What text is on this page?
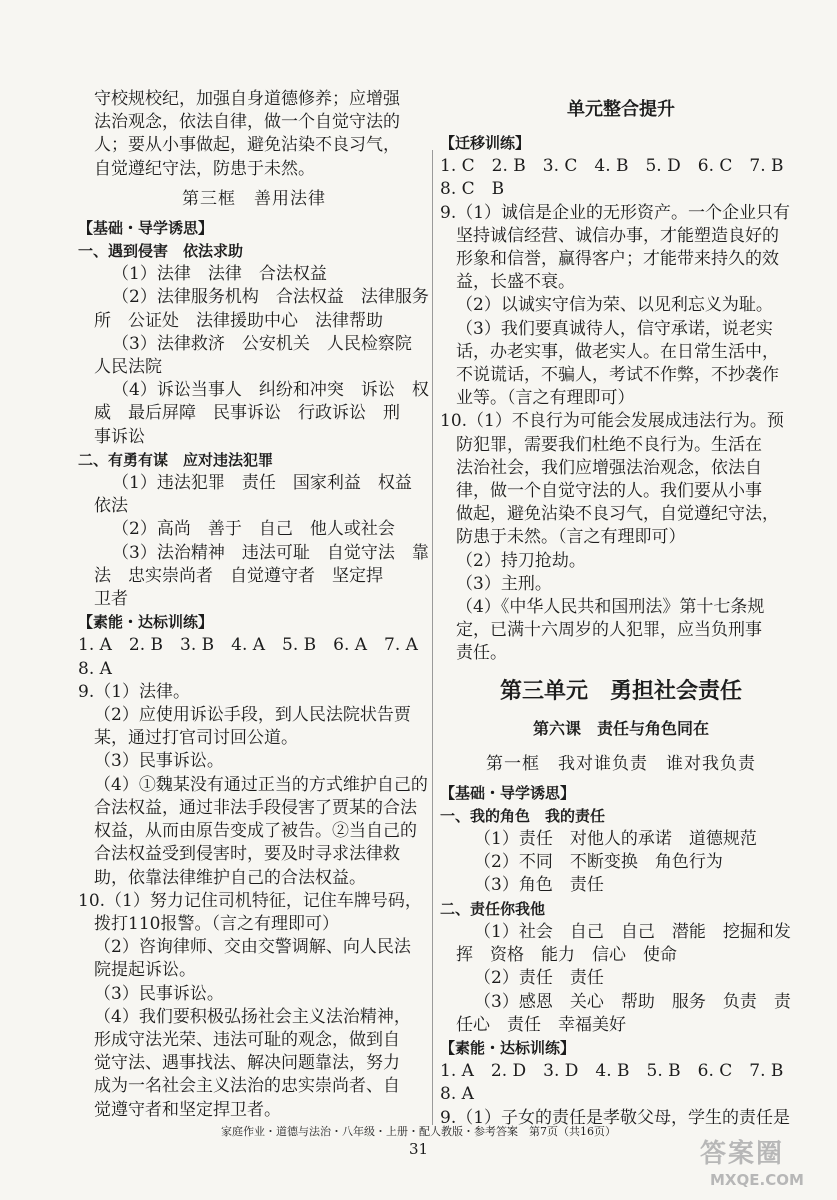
守校规校纪，加强自身道德修养；应增强
法治观念，依法自律，做一个自觉守法的
人；要从小事做起，避免沾染不良习气，
自觉遵纪守法，防患于未然。
第三框　善用法律
【基础・导学诱思】
一、遇到侵害　依法求助
（1）法律　法律　合法权益
（2）法律服务机构　合法权益　法律服务
所　公证处　法律援助中心　法律帮助
（3）法律救济　公安机关　人民检察院
人民法院
（4）诉讼当事人　纠纷和冲突　诉讼　权
威　最后屏障　民事诉讼　行政诉讼　刑
事诉讼
二、有勇有谋　应对违法犯罪
（1）违法犯罪　责任　国家利益　权益
依法
（2）高尚　善于　自己　他人或社会
（3）法治精神　违法可耻　自觉守法　靠
法　忠实崇尚者　自觉遵守者　坚定捍
卫者
【素能・达标训练】
1. A　2. B　3. B　4. A　5. B　6. A　7. A
8. A
9.（1）法律。
（2）应使用诉讼手段，到人民法院状告贾
某，通过打官司讨回公道。
（3）民事诉讼。
（4）①魏某没有通过正当的方式维护自己的
合法权益，通过非法手段侵害了贾某的合法
权益，从而由原告变成了被告。②当自己的
合法权益受到侵害时，要及时寻求法律救
助，依靠法律维护自己的合法权益。
10.（1）努力记住司机特征，记住车牌号码，
拨打110报警。（言之有理即可）
（2）咨询律师、交由交警调解、向人民法
院提起诉讼。
（3）民事诉讼。
（4）我们要积极弘扬社会主义法治精神，
形成守法光荣、违法可耻的观念，做到自
觉守法、遇事找法、解决问题靠法，努力
成为一名社会主义法治的忠实崇尚者、自
觉遵守者和坚定捍卫者。
单元整合提升
【迁移训练】
1. C　2. B　3. C　4. B　5. D　6. C　7. B
8. C　B
9.（1）诚信是企业的无形资产。一个企业只有
坚持诚信经营、诚信办事，才能塑造良好的
形象和信誉，赢得客户；才能带来持久的效
益，长盛不衰。
（2）以诚实守信为荣、以见利忘义为耻。
（3）我们要真诚待人，信守承诺，说老实
话，办老实事，做老实人。在日常生活中，
不说谎话，不骗人，考试不作弊，不抄袭作
业等。（言之有理即可）
10.（1）不良行为可能会发展成违法行为。预
防犯罪，需要我们杜绝不良行为。生活在
法治社会，我们应增强法治观念，依法自
律，做一个自觉守法的人。我们要从小事
做起，避免沾染不良习气，自觉遵纪守法，
防患于未然。（言之有理即可）
（2）持刀抢劫。
（3）主刑。
（4）《中华人民共和国刑法》第十七条规
定，已满十六周岁的人犯罪，应当负刑事
责任。
第三单元　勇担社会责任
第六课　责任与角色同在
第一框　我对谁负责　谁对我负责
【基础・导学诱思】
一、我的角色　我的责任
（1）责任　对他人的承诺　道德规范
（2）不同　不断变换　角色行为
（3）角色　责任
二、责任你我他
（1）社会　自己　自己　潜能　挖掘和发
挥　资格　能力　信心　使命
（2）责任　责任
（3）感恩　关心　帮助　服务　负责　责
任心　责任　幸福美好
【素能・达标训练】
1. A　2. D　3. D　4. B　5. B　6. C　7. B
8. A
9.（1）子女的责任是孝敬父母，学生的责任是
家庭作业・道德与法治・八年级・上册・配人教版・参考答案　第7页（共16页）
31	答案圈
MXQE.COM
